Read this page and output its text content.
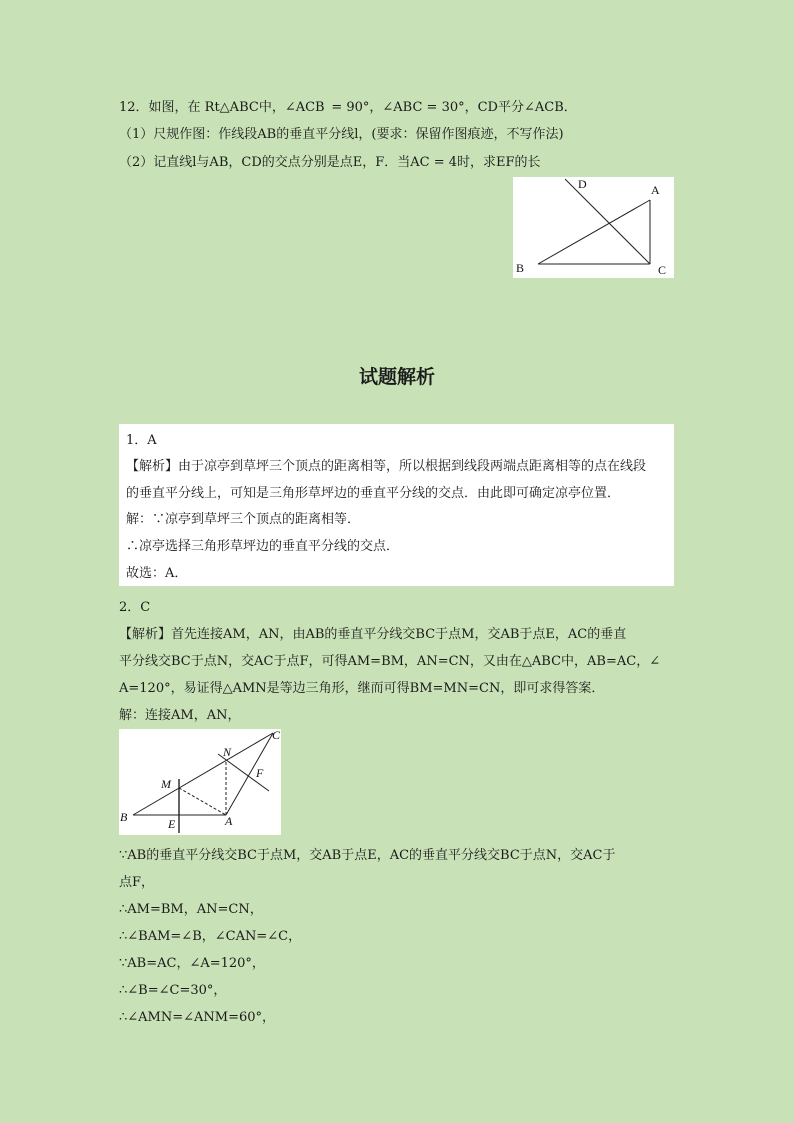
12．如图，在 Rt△ABC中，∠ACB  = 90°，∠ABC = 30°，CD平分∠ACB．
（1）尺规作图：作线段AB的垂直平分线l，(要求：保留作图痕迹，不写作法)
（2）记直线l与AB，CD的交点分别是点E，F．当AC = 4时，求EF的长
D	A
B	C
试题解析
1．A
【解析】由于凉亭到草坪三个顶点的距离相等，所以根据到线段两端点距离相等的点在线段
的垂直平分线上，可知是三角形草坪边的垂直平分线的交点．由此即可确定凉亭位置．
解：∵凉亭到草坪三个顶点的距离相等．
∴凉亭选择三角形草坪边的垂直平分线的交点．
故选：A．
2．C
【解析】首先连接AM，AN，由AB的垂直平分线交BC于点M，交AB于点E，AC的垂直
平分线交BC于点N，交AC于点F，可得AM=BM，AN=CN，又由在△ABC中，AB=AC，∠
A=120°，易证得△AMN是等边三角形，继而可得BM=MN=CN，即可求得答案．
解：连接AM，AN，
C
N
F
M
B	E	A
∵AB的垂直平分线交BC于点M，交AB于点E，AC的垂直平分线交BC于点N，交AC于
点F，
∴AM=BM，AN=CN，
∴∠BAM=∠B，∠CAN=∠C，
∵AB=AC，∠A=120°，
∴∠B=∠C=30°，
∴∠AMN=∠ANM=60°，
